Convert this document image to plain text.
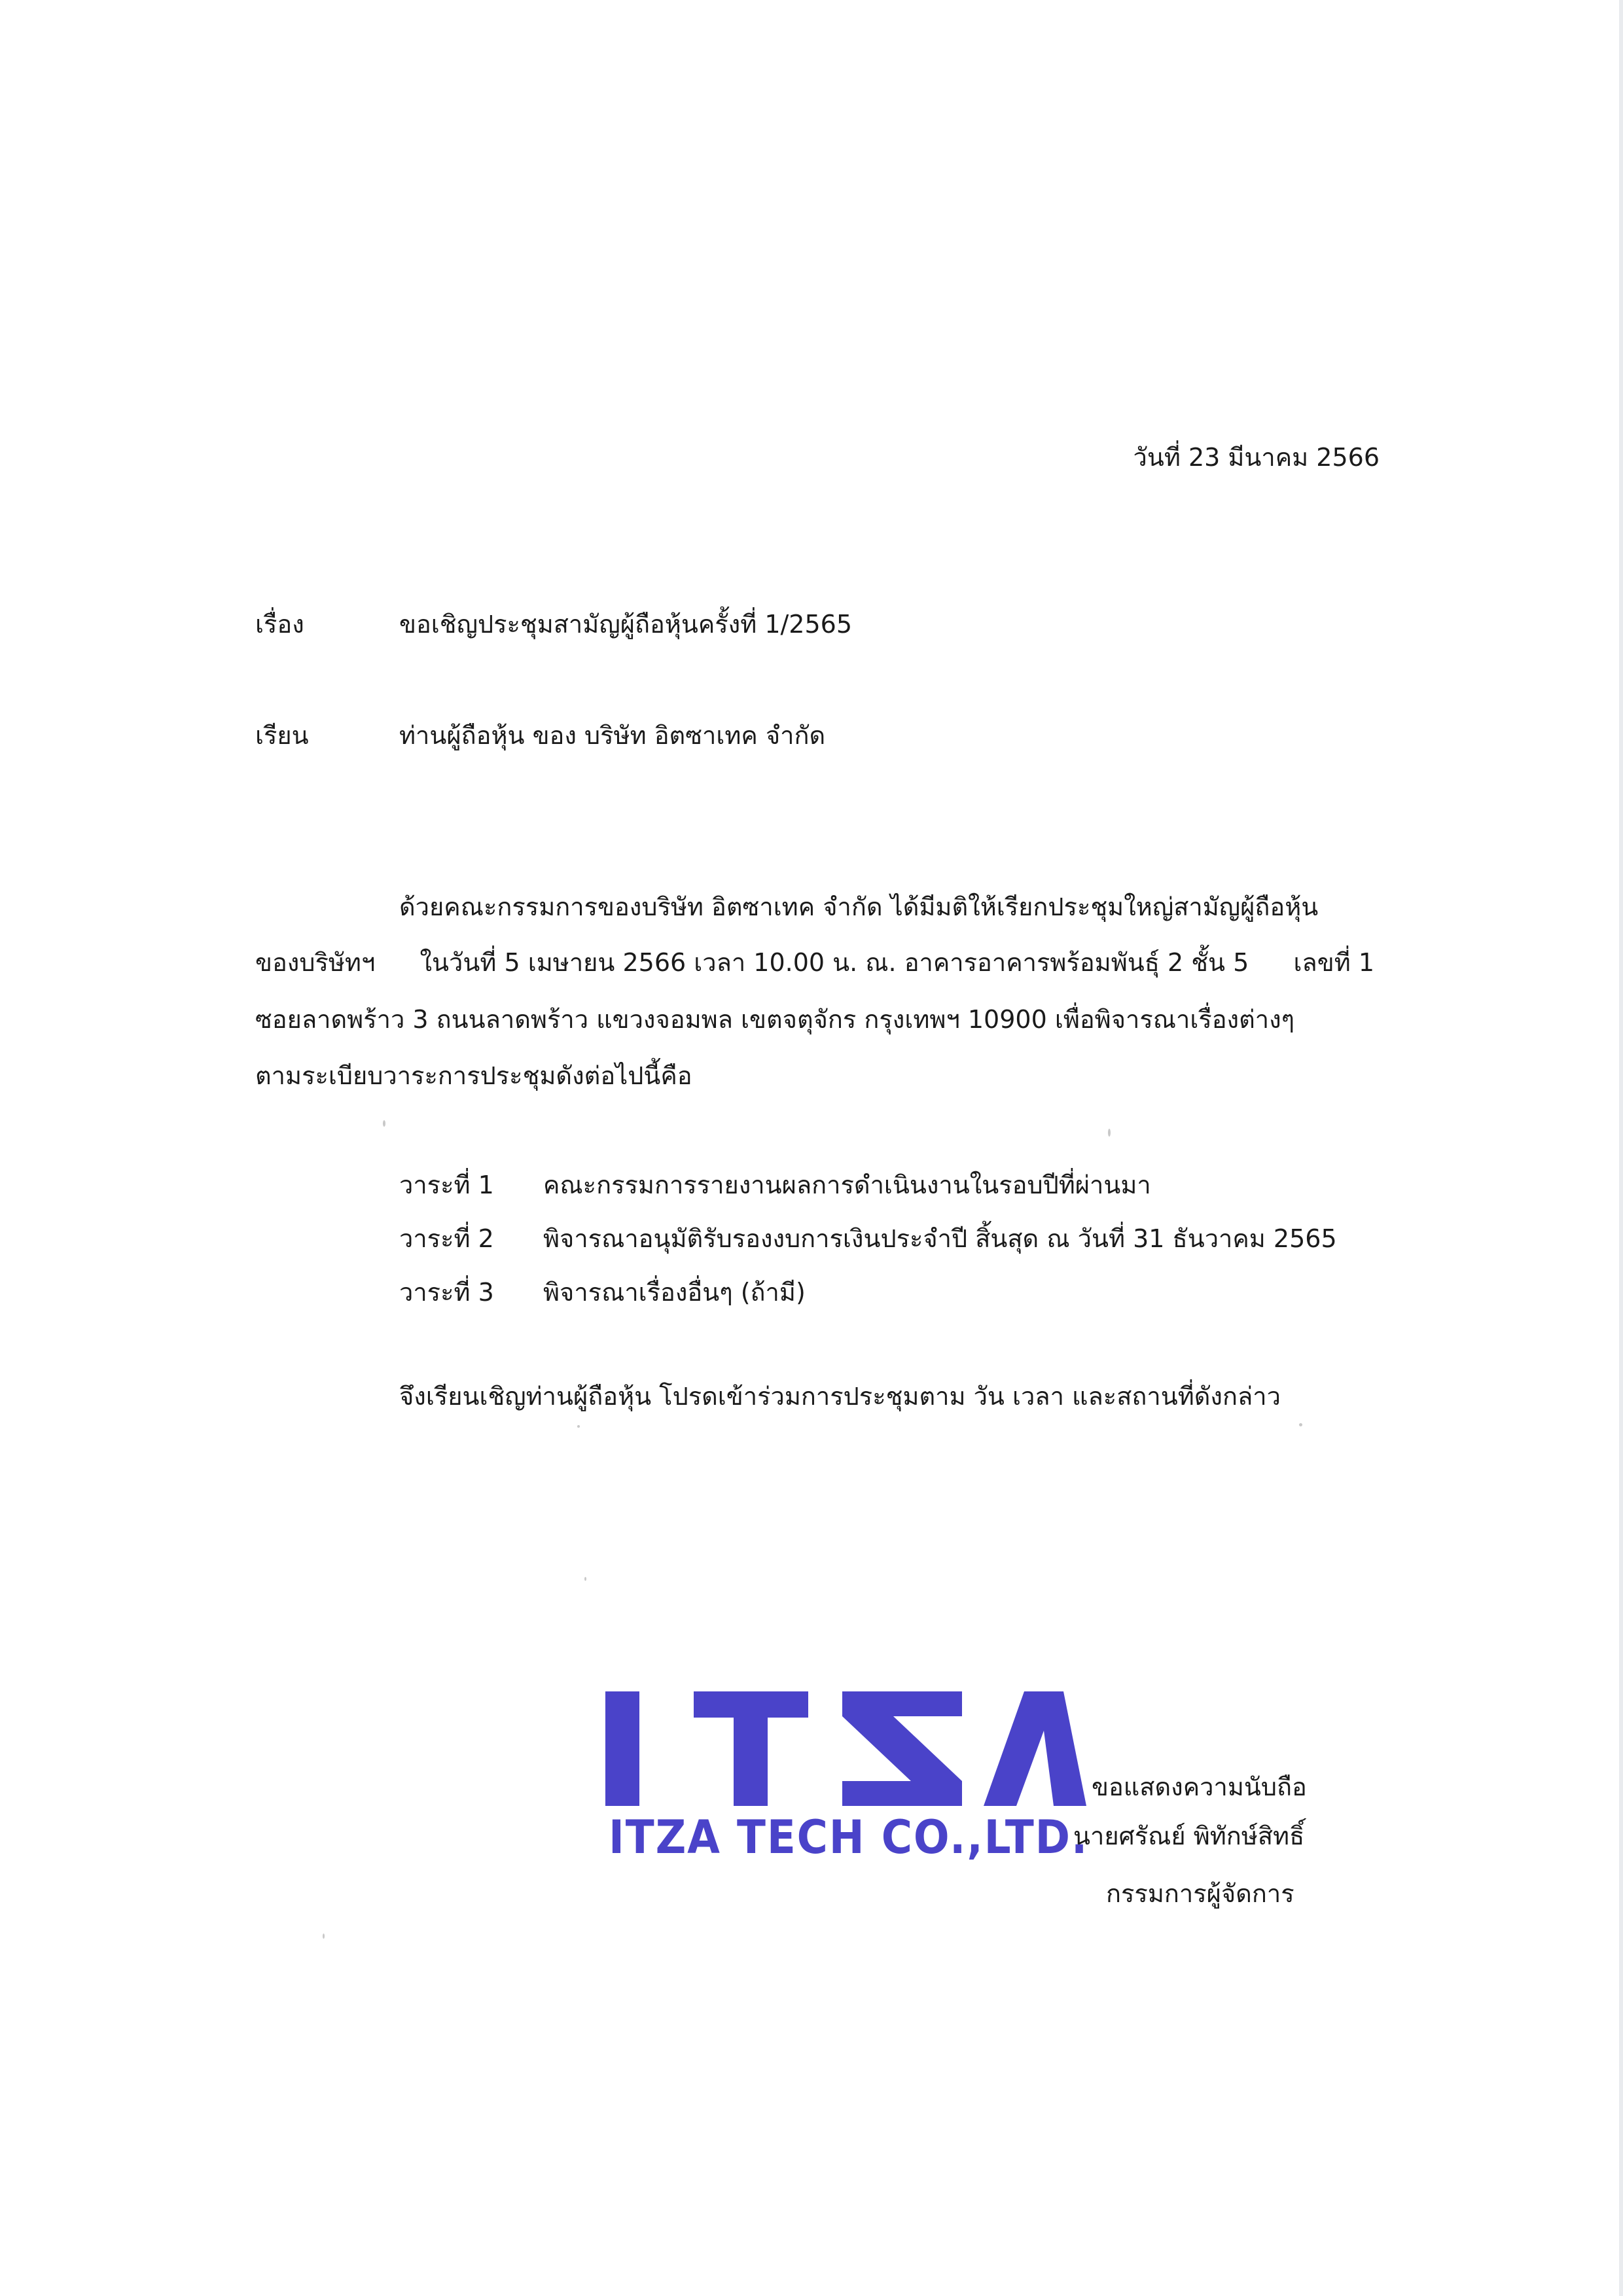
วันที่ 23 มีนาคม 2566
เรื่อง	ขอเชิญประชุมสามัญผู้ถือหุ้นครั้งที่ 1/2565
เรียน	ท่านผู้ถือหุ้น ของ บริษัท อิตซาเทค จำกัด
ด้วยคณะกรรมการของบริษัท อิตซาเทค จำกัด ได้มีมติให้เรียกประชุมใหญ่สามัญผู้ถือหุ้น
ของบริษัทฯ ในวันที่ 5 เมษายน 2566 เวลา 10.00 น. ณ. อาคารอาคารพร้อมพันธุ์ 2 ชั้น 5 เลขที่ 1
ซอยลาดพร้าว 3 ถนนลาดพร้าว แขวงจอมพล เขตจตุจักร กรุงเทพฯ 10900 เพื่อพิจารณาเรื่องต่างๆ
ตามระเบียบวาระการประชุมดังต่อไปนี้คือ
วาระที่ 1 คณะกรรมการรายงานผลการดำเนินงานในรอบปีที่ผ่านมา
วาระที่ 2 พิจารณาอนุมัติรับรองงบการเงินประจำปี สิ้นสุด ณ วันที่ 31 ธันวาคม 2565
วาระที่ 3 พิจารณาเรื่องอื่นๆ (ถ้ามี)
จึงเรียนเชิญท่านผู้ถือหุ้น โปรดเข้าร่วมการประชุมตาม วัน เวลา และสถานที่ดังกล่าว
ITZA TECH CO.,LTD.
ขอแสดงความนับถือ
นายศรัณย์ พิทักษ์สิทธิ์
กรรมการผู้จัดการ
